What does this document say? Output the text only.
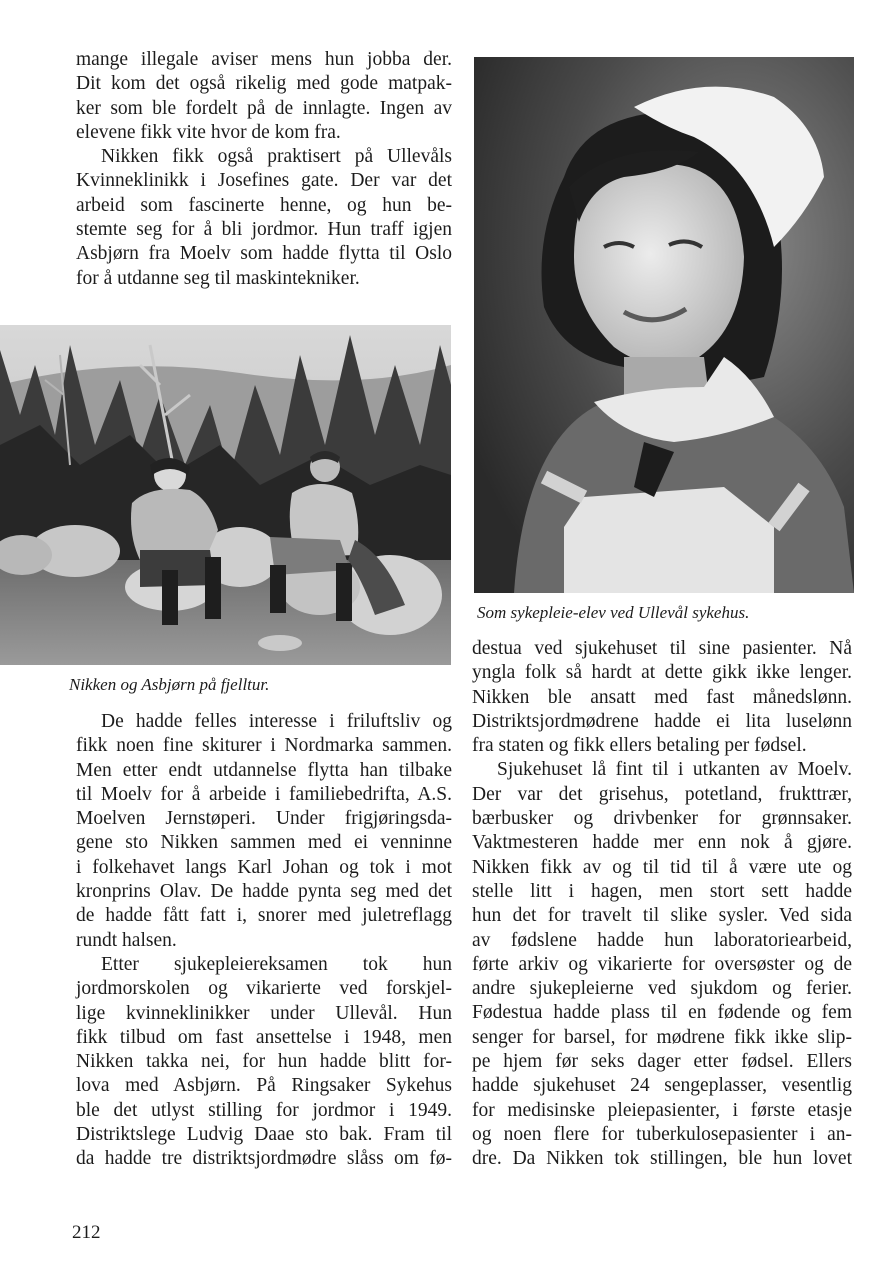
mange illegale aviser mens hun jobba der.
Dit kom det også rikelig med gode matpak-
ker som ble fordelt på de innlagte. Ingen av
elevene fikk vite hvor de kom fra.
Nikken fikk også praktisert på Ullevåls
Kvinneklinikk i Josefines gate. Der var det
arbeid som fascinerte henne, og hun be-
stemte seg for å bli jordmor. Hun traff igjen
Asbjørn fra Moelv som hadde flytta til Oslo
for å utdanne seg til maskintekniker.
Nikken og Asbjørn på fjelltur.
De hadde felles interesse i friluftsliv og
fikk noen fine skiturer i Nordmarka sammen.
Men etter endt utdannelse flytta han tilbake
til Moelv for å arbeide i familiebedrifta, A.S.
Moelven Jernstøperi. Under frigjøringsda-
gene sto Nikken sammen med ei venninne
i folkehavet langs Karl Johan og tok i mot
kronprins Olav. De hadde pynta seg med det
de hadde fått fatt i, snorer med juletreflagg
rundt halsen.
Etter sjukepleiereksamen tok hun
jordmorskolen og vikarierte ved forskjel-
lige kvinneklinikker under Ullevål. Hun
fikk tilbud om fast ansettelse i 1948, men
Nikken takka nei, for hun hadde blitt for-
lova med Asbjørn. På Ringsaker Sykehus
ble det utlyst stilling for jordmor i 1949.
Distriktslege Ludvig Daae sto bak. Fram til
da hadde tre distriktsjordmødre slåss om fø-
Som sykepleie-elev ved Ullevål sykehus.
destua ved sjukehuset til sine pasienter. Nå
yngla folk så hardt at dette gikk ikke lenger.
Nikken ble ansatt med fast månedslønn.
Distriktsjordmødrene hadde ei lita luselønn
fra staten og fikk ellers betaling per fødsel.
Sjukehuset lå fint til i utkanten av Moelv.
Der var det grisehus, potetland, frukttrær,
bærbusker og drivbenker for grønnsaker.
Vaktmesteren hadde mer enn nok å gjøre.
Nikken fikk av og til tid til å være ute og
stelle litt i hagen, men stort sett hadde
hun det for travelt til slike sysler. Ved sida
av fødslene hadde hun laboratoriearbeid,
førte arkiv og vikarierte for oversøster og de
andre sjukepleierne ved sjukdom og ferier.
Fødestua hadde plass til en fødende og fem
senger for barsel, for mødrene fikk ikke slip-
pe hjem før seks dager etter fødsel. Ellers
hadde sjukehuset 24 sengeplasser, vesentlig
for medisinske pleiepasienter, i første etasje
og noen flere for tuberkulosepasienter i an-
dre. Da Nikken tok stillingen, ble hun lovet
212
